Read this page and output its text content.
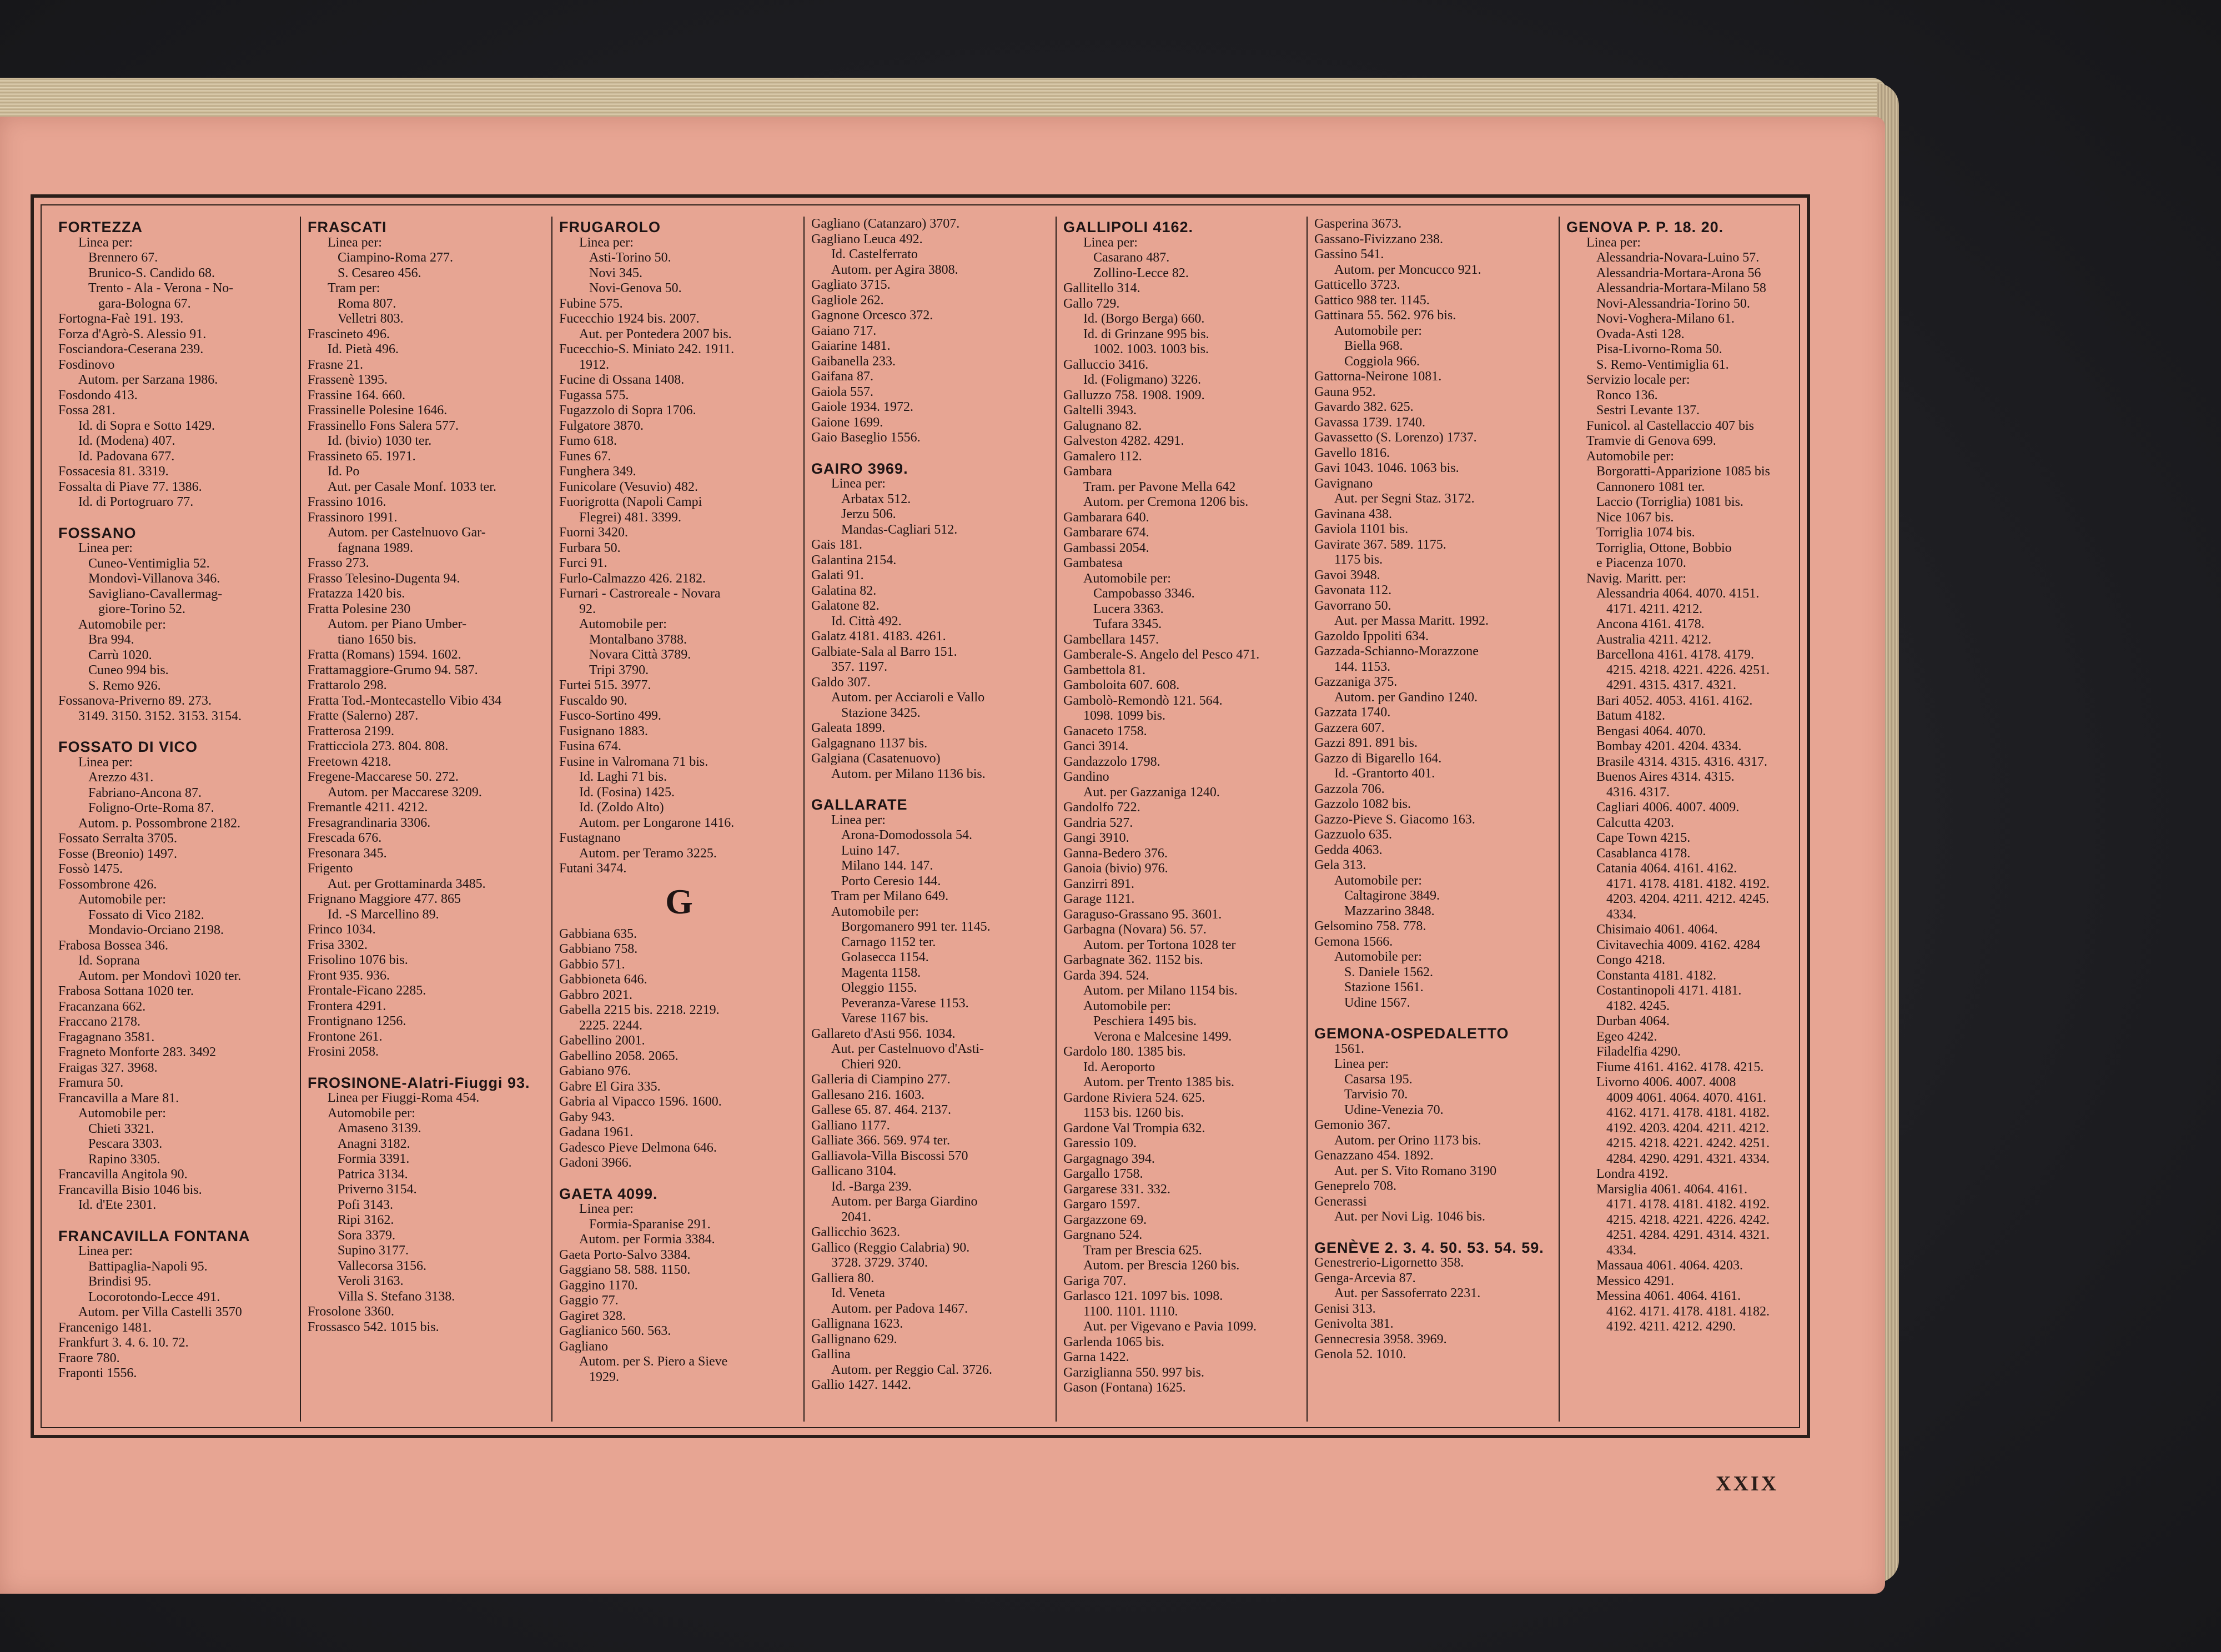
FORTEZZA
Linea per:
Brennero 67.
Brunico-S. Candido 68.
Trento - Ala - Verona - No-
gara-Bologna 67.
Fortogna-Faè 191. 193.
Forza d'Agrò-S. Alessio 91.
Fosciandora-Ceserana 239.
Fosdinovo
Autom. per Sarzana 1986.
Fosdondo 413.
Fossa 281.
Id. di Sopra e Sotto 1429.
Id. (Modena) 407.
Id. Padovana 677.
Fossacesia 81. 3319.
Fossalta di Piave 77. 1386.
Id. di Portogruaro 77.
FOSSANO
Linea per:
Cuneo-Ventimiglia 52.
Mondovì-Villanova 346.
Savigliano-Cavallermag-
giore-Torino 52.
Automobile per:
Bra 994.
Carrù 1020.
Cuneo 994 bis.
S. Remo 926.
Fossanova-Priverno 89. 273.
3149. 3150. 3152. 3153. 3154.
FOSSATO DI VICO
Linea per:
Arezzo 431.
Fabriano-Ancona 87.
Foligno-Orte-Roma 87.
Autom. p. Possombrone 2182.
Fossato Serralta 3705.
Fosse (Breonio) 1497.
Fossò 1475.
Fossombrone 426.
Automobile per:
Fossato di Vico 2182.
Mondavio-Orciano 2198.
Frabosa Bossea 346.
Id. Soprana
Autom. per Mondovì 1020 ter.
Frabosa Sottana 1020 ter.
Fracanzana 662.
Fraccano 2178.
Fragagnano 3581.
Fragneto Monforte 283. 3492
Fraigas 327. 3968.
Framura 50.
Francavilla a Mare 81.
Automobile per:
Chieti 3321.
Pescara 3303.
Rapino 3305.
Francavilla Angitola 90.
Francavilla Bisio 1046 bis.
Id. d'Ete 2301.
FRANCAVILLA FONTANA
Linea per:
Battipaglia-Napoli 95.
Brindisi 95.
Locorotondo-Lecce 491.
Autom. per Villa Castelli 3570
Francenigo 1481.
Frankfurt 3. 4. 6. 10. 72.
Fraore 780.
Fraponti 1556.
FRASCATI
Linea per:
Ciampino-Roma 277.
S. Cesareo 456.
Tram per:
Roma 807.
Velletri 803.
Frascineto 496.
Id. Pietà 496.
Frasne 21.
Frassenè 1395.
Frassine 164. 660.
Frassinelle Polesine 1646.
Frassinello Fons Salera 577.
Id. (bivio) 1030 ter.
Frassineto 65. 1971.
Id. Po
Aut. per Casale Monf. 1033 ter.
Frassino 1016.
Frassinoro 1991.
Autom. per Castelnuovo Gar-
fagnana 1989.
Frasso 273.
Frasso Telesino-Dugenta 94.
Fratazza 1420 bis.
Fratta Polesine 230
Autom. per Piano Umber-
tiano 1650 bis.
Fratta (Romans) 1594. 1602.
Frattamaggiore-Grumo 94. 587.
Frattarolo 298.
Fratta Tod.-Montecastello Vibio 434
Fratte (Salerno) 287.
Fratterosa 2199.
Fratticciola 273. 804. 808.
Freetown 4218.
Fregene-Maccarese 50. 272.
Autom. per Maccarese 3209.
Fremantle 4211. 4212.
Fresagrandinaria 3306.
Frescada 676.
Fresonara 345.
Frigento
Aut. per Grottaminarda 3485.
Frignano Maggiore 477. 865
Id. -S Marcellino 89.
Frinco 1034.
Frisa 3302.
Frisolino 1076 bis.
Front 935. 936.
Frontale-Ficano 2285.
Frontera 4291.
Frontignano 1256.
Frontone 261.
Frosini 2058.
FROSINONE-Alatri-Fiuggi 93.
Linea per Fiuggi-Roma 454.
Automobile per:
Amaseno 3139.
Anagni 3182.
Formia 3391.
Patrica 3134.
Priverno 3154.
Pofi 3143.
Ripi 3162.
Sora 3379.
Supino 3177.
Vallecorsa 3156.
Veroli 3163.
Villa S. Stefano 3138.
Frosolone 3360.
Frossasco 542. 1015 bis.
FRUGAROLO
Linea per:
Asti-Torino 50.
Novi 345.
Novi-Genova 50.
Fubine 575.
Fucecchio 1924 bis. 2007.
Aut. per Pontedera 2007 bis.
Fucecchio-S. Miniato 242. 1911.
1912.
Fucine di Ossana 1408.
Fugassa 575.
Fugazzolo di Sopra 1706.
Fulgatore 3870.
Fumo 618.
Funes 67.
Funghera 349.
Funicolare (Vesuvio) 482.
Fuorigrotta (Napoli Campi
Flegrei) 481. 3399.
Fuorni 3420.
Furbara 50.
Furci 91.
Furlo-Calmazzo 426. 2182.
Furnari - Castroreale - Novara
92.
Automobile per:
Montalbano 3788.
Novara Città 3789.
Tripi 3790.
Furtei 515. 3977.
Fuscaldo 90.
Fusco-Sortino 499.
Fusignano 1883.
Fusina 674.
Fusine in Valromana 71 bis.
Id. Laghi 71 bis.
Id. (Fosina) 1425.
Id. (Zoldo Alto)
Autom. per Longarone 1416.
Fustagnano
Autom. per Teramo 3225.
Futani 3474.
G
Gabbiana 635.
Gabbiano 758.
Gabbio 571.
Gabbioneta 646.
Gabbro 2021.
Gabella 2215 bis. 2218. 2219.
2225. 2244.
Gabellino 2001.
Gabellino 2058. 2065.
Gabiano 976.
Gabre El Gira 335.
Gabria al Vipacco 1596. 1600.
Gaby 943.
Gadana 1961.
Gadesco Pieve Delmona 646.
Gadoni 3966.
GAETA 4099.
Linea per:
Formia-Sparanise 291.
Autom. per Formia 3384.
Gaeta Porto-Salvo 3384.
Gaggiano 58. 588. 1150.
Gaggino 1170.
Gaggio 77.
Gagiret 328.
Gaglianico 560. 563.
Gagliano
Autom. per S. Piero a Sieve
1929.
Gagliano (Catanzaro) 3707.
Gagliano Leuca 492.
Id. Castelferrato
Autom. per Agira 3808.
Gagliato 3715.
Gagliole 262.
Gagnone Orcesco 372.
Gaiano 717.
Gaiarine 1481.
Gaibanella 233.
Gaifana 87.
Gaiola 557.
Gaiole 1934. 1972.
Gaione 1699.
Gaio Baseglio 1556.
GAIRO 3969.
Linea per:
Arbatax 512.
Jerzu 506.
Mandas-Cagliari 512.
Gais 181.
Galantina 2154.
Galati 91.
Galatina 82.
Galatone 82.
Id. Città 492.
Galatz 4181. 4183. 4261.
Galbiate-Sala al Barro 151.
357. 1197.
Galdo 307.
Autom. per Acciaroli e Vallo
Stazione 3425.
Galeata 1899.
Galgagnano 1137 bis.
Galgiana (Casatenuovo)
Autom. per Milano 1136 bis.
GALLARATE
Linea per:
Arona-Domodossola 54.
Luino 147.
Milano 144. 147.
Porto Ceresio 144.
Tram per Milano 649.
Automobile per:
Borgomanero 991 ter. 1145.
Carnago 1152 ter.
Golasecca 1154.
Magenta 1158.
Oleggio 1155.
Peveranza-Varese 1153.
Varese 1167 bis.
Gallareto d'Asti 956. 1034.
Aut. per Castelnuovo d'Asti-
Chieri 920.
Galleria di Ciampino 277.
Gallesano 216. 1603.
Gallese 65. 87. 464. 2137.
Galliano 1177.
Galliate 366. 569. 974 ter.
Galliavola-Villa Biscossi 570
Gallicano 3104.
Id. -Barga 239.
Autom. per Barga Giardino
2041.
Gallicchio 3623.
Gallico (Reggio Calabria) 90.
3728. 3729. 3740.
Galliera 80.
Id. Veneta
Autom. per Padova 1467.
Gallignana 1623.
Gallignano 629.
Gallina
Autom. per Reggio Cal. 3726.
Gallio 1427. 1442.
GALLIPOLI 4162.
Linea per:
Casarano 487.
Zollino-Lecce 82.
Gallitello 314.
Gallo 729.
Id. (Borgo Berga) 660.
Id. di Grinzane 995 bis.
1002. 1003. 1003 bis.
Galluccio 3416.
Id. (Foligmano) 3226.
Galluzzo 758. 1908. 1909.
Galtelli 3943.
Galugnano 82.
Galveston 4282. 4291.
Gamalero 112.
Gambara
Tram. per Pavone Mella 642
Autom. per Cremona 1206 bis.
Gambarara 640.
Gambarare 674.
Gambassi 2054.
Gambatesa
Automobile per:
Campobasso 3346.
Lucera 3363.
Tufara 3345.
Gambellara 1457.
Gamberale-S. Angelo del Pesco 471.
Gambettola 81.
Gamboloita 607. 608.
Gambolò-Remondò 121. 564.
1098. 1099 bis.
Ganaceto 1758.
Ganci 3914.
Gandazzolo 1798.
Gandino
Aut. per Gazzaniga 1240.
Gandolfo 722.
Gandria 527.
Gangi 3910.
Ganna-Bedero 376.
Ganoia (bivio) 976.
Ganzirri 891.
Garage 1121.
Garaguso-Grassano 95. 3601.
Garbagna (Novara) 56. 57.
Autom. per Tortona 1028 ter
Garbagnate 362. 1152 bis.
Garda 394. 524.
Autom. per Milano 1154 bis.
Automobile per:
Peschiera 1495 bis.
Verona e Malcesine 1499.
Gardolo 180. 1385 bis.
Id. Aeroporto
Autom. per Trento 1385 bis.
Gardone Riviera 524. 625.
1153 bis. 1260 bis.
Gardone Val Trompia 632.
Garessio 109.
Gargagnago 394.
Gargallo 1758.
Gargarese 331. 332.
Gargaro 1597.
Gargazzone 69.
Gargnano 524.
Tram per Brescia 625.
Autom. per Brescia 1260 bis.
Gariga 707.
Garlasco 121. 1097 bis. 1098.
1100. 1101. 1110.
Aut. per Vigevano e Pavia 1099.
Garlenda 1065 bis.
Garna 1422.
Garziglianna 550. 997 bis.
Gason (Fontana) 1625.
Gasperina 3673.
Gassano-Fivizzano 238.
Gassino 541.
Autom. per Moncucco 921.
Gatticello 3723.
Gattico 988 ter. 1145.
Gattinara 55. 562. 976 bis.
Automobile per:
Biella 968.
Coggiola 966.
Gattorna-Neirone 1081.
Gauna 952.
Gavardo 382. 625.
Gavassa 1739. 1740.
Gavassetto (S. Lorenzo) 1737.
Gavello 1816.
Gavi 1043. 1046. 1063 bis.
Gavignano
Aut. per Segni Staz. 3172.
Gavinana 438.
Gaviola 1101 bis.
Gavirate 367. 589. 1175.
1175 bis.
Gavoi 3948.
Gavonata 112.
Gavorrano 50.
Aut. per Massa Maritt. 1992.
Gazoldo Ippoliti 634.
Gazzada-Schianno-Morazzone
144. 1153.
Gazzaniga 375.
Autom. per Gandino 1240.
Gazzata 1740.
Gazzera 607.
Gazzi 891. 891 bis.
Gazzo di Bigarello 164.
Id. -Grantorto 401.
Gazzola 706.
Gazzolo 1082 bis.
Gazzo-Pieve S. Giacomo 163.
Gazzuolo 635.
Gedda 4063.
Gela 313.
Automobile per:
Caltagirone 3849.
Mazzarino 3848.
Gelsomino 758. 778.
Gemona 1566.
Automobile per:
S. Daniele 1562.
Stazione 1561.
Udine 1567.
GEMONA-OSPEDALETTO
1561.
Linea per:
Casarsa 195.
Tarvisio 70.
Udine-Venezia 70.
Gemonio 367.
Autom. per Orino 1173 bis.
Genazzano 454. 1892.
Aut. per S. Vito Romano 3190
Geneprelo 708.
Generassi
Aut. per Novi Lig. 1046 bis.
GENÈVE 2. 3. 4. 50. 53. 54. 59.
Genestrerio-Ligornetto 358.
Genga-Arcevia 87.
Aut. per Sassoferrato 2231.
Genisi 313.
Genivolta 381.
Gennecresia 3958. 3969.
Genola 52. 1010.
GENOVA P. P. 18. 20.
Linea per:
Alessandria-Novara-Luino 57.
Alessandria-Mortara-Arona 56
Alessandria-Mortara-Milano 58
Novi-Alessandria-Torino 50.
Novi-Voghera-Milano 61.
Ovada-Asti 128.
Pisa-Livorno-Roma 50.
S. Remo-Ventimiglia 61.
Servizio locale per:
Ronco 136.
Sestri Levante 137.
Funicol. al Castellaccio 407 bis
Tramvie di Genova 699.
Automobile per:
Borgoratti-Apparizione 1085 bis
Cannonero 1081 ter.
Laccio (Torriglia) 1081 bis.
Nice 1067 bis.
Torriglia 1074 bis.
Torriglia, Ottone, Bobbio
e Piacenza 1070.
Navig. Maritt. per:
Alessandria 4064. 4070. 4151.
4171. 4211. 4212.
Ancona 4161. 4178.
Australia 4211. 4212.
Barcellona 4161. 4178. 4179.
4215. 4218. 4221. 4226. 4251.
4291. 4315. 4317. 4321.
Bari 4052. 4053. 4161. 4162.
Batum 4182.
Bengasi 4064. 4070.
Bombay 4201. 4204. 4334.
Brasile 4314. 4315. 4316. 4317.
Buenos Aires 4314. 4315.
4316. 4317.
Cagliari 4006. 4007. 4009.
Calcutta 4203.
Cape Town 4215.
Casablanca 4178.
Catania 4064. 4161. 4162.
4171. 4178. 4181. 4182. 4192.
4203. 4204. 4211. 4212. 4245.
4334.
Chisimaio 4061. 4064.
Civitavechia 4009. 4162. 4284
Congo 4218.
Constanta 4181. 4182.
Costantinopoli 4171. 4181.
4182. 4245.
Durban 4064.
Egeo 4242.
Filadelfia 4290.
Fiume 4161. 4162. 4178. 4215.
Livorno 4006. 4007. 4008
4009 4061. 4064. 4070. 4161.
4162. 4171. 4178. 4181. 4182.
4192. 4203. 4204. 4211. 4212.
4215. 4218. 4221. 4242. 4251.
4284. 4290. 4291. 4321. 4334.
Londra 4192.
Marsiglia 4061. 4064. 4161.
4171. 4178. 4181. 4182. 4192.
4215. 4218. 4221. 4226. 4242.
4251. 4284. 4291. 4314. 4321.
4334.
Massaua 4061. 4064. 4203.
Messico 4291.
Messina 4061. 4064. 4161.
4162. 4171. 4178. 4181. 4182.
4192. 4211. 4212. 4290.
XXIX
